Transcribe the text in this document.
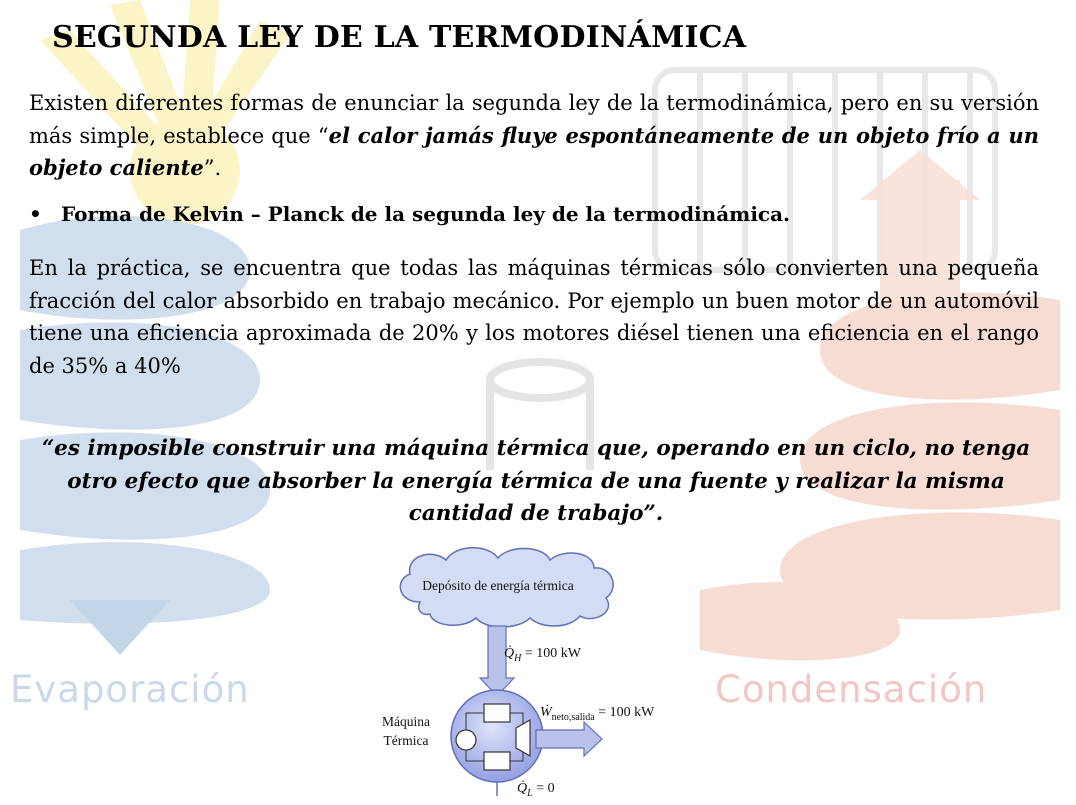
Evaporación	Condensación
SEGUNDA LEY DE LA TERMODINÁMICA

Existen diferentes formas de enunciar la segunda ley de la termodinámica, pero en su versión más simple, establece que “el calor jamás fluye espontáneamente de un objeto frío a un objeto caliente”.

• Forma de Kelvin – Planck de la segunda ley de la termodinámica.

En la práctica, se encuentra que todas las máquinas térmicas sólo convierten una pequeña fracción del calor absorbido en trabajo mecánico. Por ejemplo un buen motor de un automóvil tiene una eficiencia aproximada de 20% y los motores diésel tienen una eficiencia en el rango de 35% a 40%

“es imposible construir una máquina térmica que, operando en un ciclo, no tenga otro efecto que absorber la energía térmica de una fuente y realizar la misma cantidad de trabajo”.

Depósito de energía térmica
$Q̇_H = 100$ kW
Máquina
Térmica
Ẇ$_{neto,salida}$ = 100 kW
$Q̇_L = 0$
